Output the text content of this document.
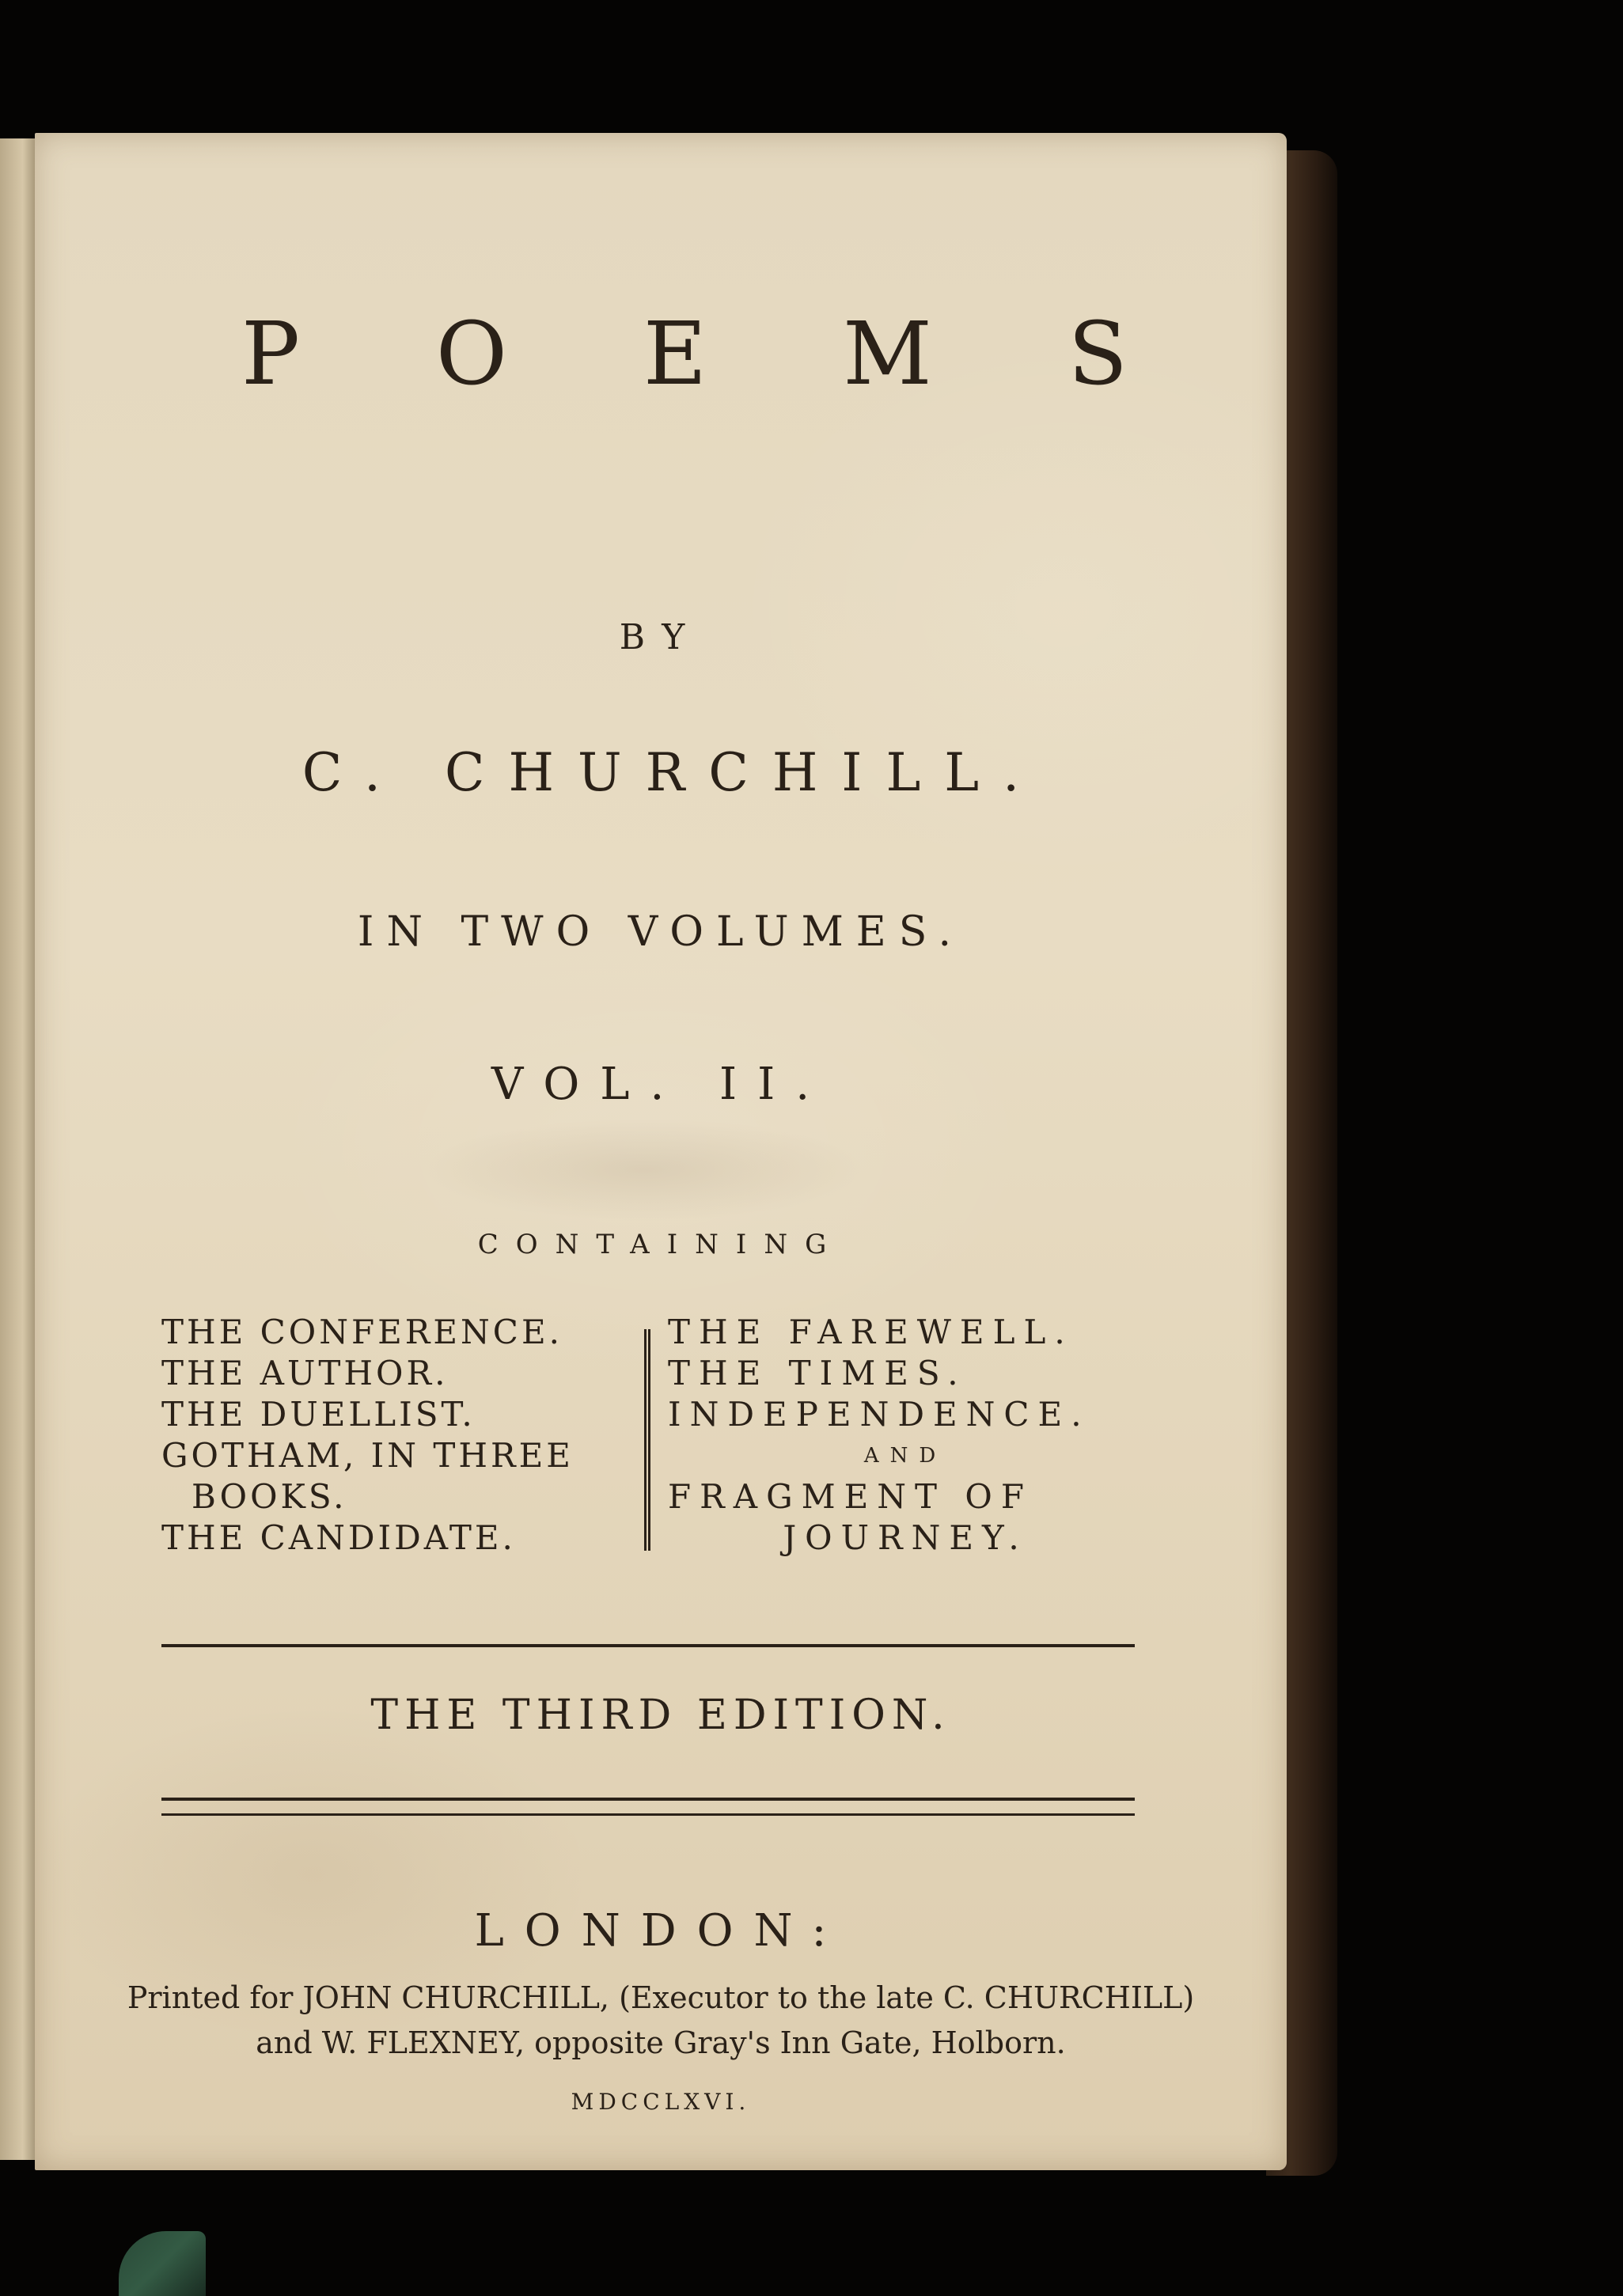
P O E M S
BY
C. CHURCHILL.
IN TWO VOLUMES.
VOL. II.
CONTAINING
THE CONFERENCE.
THE AUTHOR.
THE DUELLIST.
GOTHAM, IN THREE
BOOKS.
THE CANDIDATE.
THE FAREWELL.
THE TIMES.
INDEPENDENCE.
AND
FRAGMENT OF
JOURNEY.
THE THIRD EDITION.
LONDON:
Printed for JOHN CHURCHILL, (Executor to the late C. CHURCHILL)
and W. FLEXNEY, opposite Gray's Inn Gate, Holborn.
MDCCLXVI.
